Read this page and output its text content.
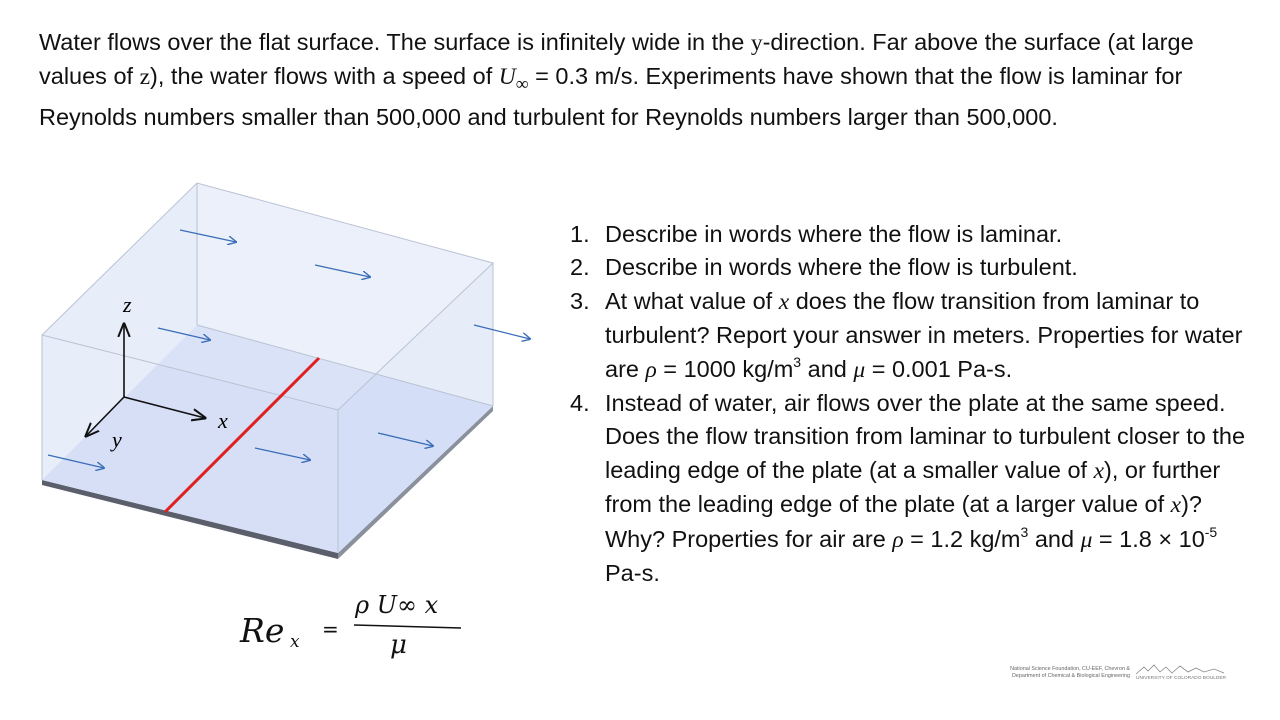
Water flows over the flat surface. The surface is infinitely wide in the y-direction. Far above the surface (at large values of z), the water flows with a speed of $U_\infty = 0.3$ m/s. Experiments have shown that the flow is laminar for Reynolds numbers smaller than 500,000 and turbulent for Reynolds numbers larger than 500,000.

z
x
y
1. Describe in words where the flow is laminar.
2. Describe in words where the flow is turbulent.
3. At what value of x does the flow transition from laminar to turbulent? Report your answer in meters. Properties for water are ρ = 1000 $kg/m^3$ and μ = 0.001 Pa-s.
4. Instead of water, air flows over the plate at the same speed. Does the flow transition from laminar to turbulent closer to the leading edge of the plate (at a smaller value of x), or further from the leading edge of the plate (at a larger value of x)? Why? Properties for air are ρ = 1.2 $kg/m^3$ and $\mu = 1.8 \times 10^{-5}$ Pa-s.
Re x
=
ρ U∞ x
μ
National Science Foundation, CU-EEF, Chevron &
Department of Chemical & Biological Engineering UNIVERSITY OF COLORADO BOULDER
